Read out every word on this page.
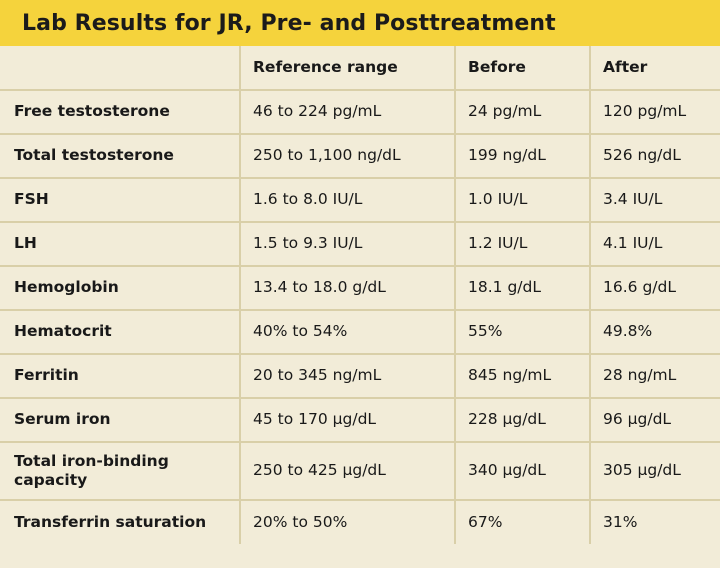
Lab Results for JR, Pre- and Posttreatment
	Reference range	Before	After
Free testosterone	46 to 224 pg/mL	24 pg/mL	120 pg/mL
Total testosterone	250 to 1,100 ng/dL	199 ng/dL	526 ng/dL
FSH	1.6 to 8.0 IU/L	1.0 IU/L	3.4 IU/L
LH	1.5 to 9.3 IU/L	1.2 IU/L	4.1 IU/L
Hemoglobin	13.4 to 18.0 g/dL	18.1 g/dL	16.6 g/dL
Hematocrit	40% to 54%	55%	49.8%
Ferritin	20 to 345 ng/mL	845 ng/mL	28 ng/mL
Serum iron	45 to 170 µg/dL	228 µg/dL	96 µg/dL
Total iron-binding capacity	250 to 425 µg/dL	340 µg/dL	305 µg/dL
Transferrin saturation	20% to 50%	67%	31%
